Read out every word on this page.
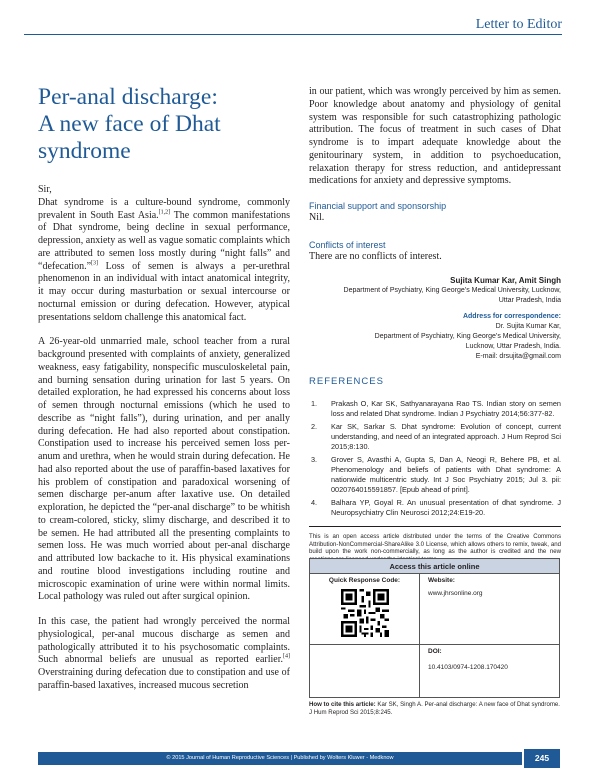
Letter to Editor
Per-anal discharge:
A new face of Dhat
syndrome

Sir,

Dhat syndrome is a culture-bound syndrome, commonly prevalent in South East Asia.[1,2] The common manifestations of Dhat syndrome, being decline in sexual performance, depression, anxiety as well as vague somatic complaints which are attributed to semen loss mostly during “night falls” and “defecation.”[3] Loss of semen is always a per-urethral phenomenon in an individual with intact anatomical integrity, it may occur during masturbation or sexual intercourse or nocturnal emission or during defecation. However, atypical presentations seldom challenge this anatomical fact.

A 26-year-old unmarried male, school teacher from a rural background presented with complaints of anxiety, generalized weakness, easy fatigability, nonspecific musculoskeletal pain, and burning sensation during urination for last 5 years. On detailed exploration, he had expressed his concerns about loss of semen through nocturnal emissions (which he used to describe as “night falls”), during urination, and per anally during defecation. He had also reported about constipation. Constipation used to increase his perceived semen loss per-anum and urethra, when he would strain during defecation. He had also reported about the use of paraffin-based laxatives for his problem of constipation and paradoxical worsening of semen discharge per-anum after laxative use. On detailed exploration, he depicted the “per-anal discharge” to be whitish to cream-colored, sticky, slimy discharge, and described it to be semen. He had attributed all the presenting complaints to semen loss. He was much worried about per-anal discharge and attributed low backache to it. His physical examinations and routine blood investigations including routine and microscopic examination of urine were within normal limits. Local pathology was ruled out after surgical opinion.

In this case, the patient had wrongly perceived the normal physiological, per-anal mucous discharge as semen and pathologically attributed it to his psychosomatic complaints. Such abnormal beliefs are unusual as reported earlier.[4] Overstraining during defecation due to constipation and use of paraffin-based laxatives, increased mucous secretion

in our patient, which was wrongly perceived by him as semen. Poor knowledge about anatomy and physiology of genital system was responsible for such catastrophizing pathologic attribution. The focus of treatment in such cases of Dhat syndrome is to impart adequate knowledge about the genitourinary system, in addition to psychoeducation, relaxation therapy for stress reduction, and antidepressant medications for anxiety and depressive symptoms.

Financial support and sponsorship
Nil.
Conflicts of interest
There are no conflicts of interest.
Sujita Kumar Kar, Amit Singh
Department of Psychiatry, King George’s Medical University, Lucknow,
Uttar Pradesh, India
Address for correspondence:
Dr. Sujita Kumar Kar,
Department of Psychiatry, King George’s Medical University,
Lucknow, Uttar Pradesh, India.
E-mail: drsujita@gmail.com
REFERENCES
1.	Prakash O, Kar SK, Sathyanarayana Rao TS. Indian story on semen loss and related Dhat syndrome. Indian J Psychiatry 2014;56:377-82.
2.	Kar SK, Sarkar S. Dhat syndrome: Evolution of concept, current understanding, and need of an integrated approach. J Hum Reprod Sci 2015;8:130.
3.	Grover S, Avasthi A, Gupta S, Dan A, Neogi R, Behere PB, et al. Phenomenology and beliefs of patients with Dhat syndrome: A nationwide multicentric study. Int J Soc Psychiatry 2015; Jul 3. pii: 0020764015591857. [Epub ahead of print].
4.	Balhara YP, Goyal R. An unusual presentation of dhat syndrome. J Neuropsychiatry Clin Neurosci 2012;24:E19-20.
This is an open access article distributed under the terms of the Creative Commons Attribution-NonCommercial-ShareAlike 3.0 License, which allows others to remix, tweak, and build upon the work non-commercially, as long as the author is credited and the new
Access this article online
Quick Response Code:	Website:
www.jhrsonline.org
DOI:
10.4103/0974-1208.170420
How to cite this article: Kar SK, Singh A. Per-anal discharge: A new face of Dhat syndrome. J Hum Reprod Sci 2015;8:245.
© 2015 Journal of Human Reproductive Sciences | Published by Wolters Kluwer - Medknow	245
